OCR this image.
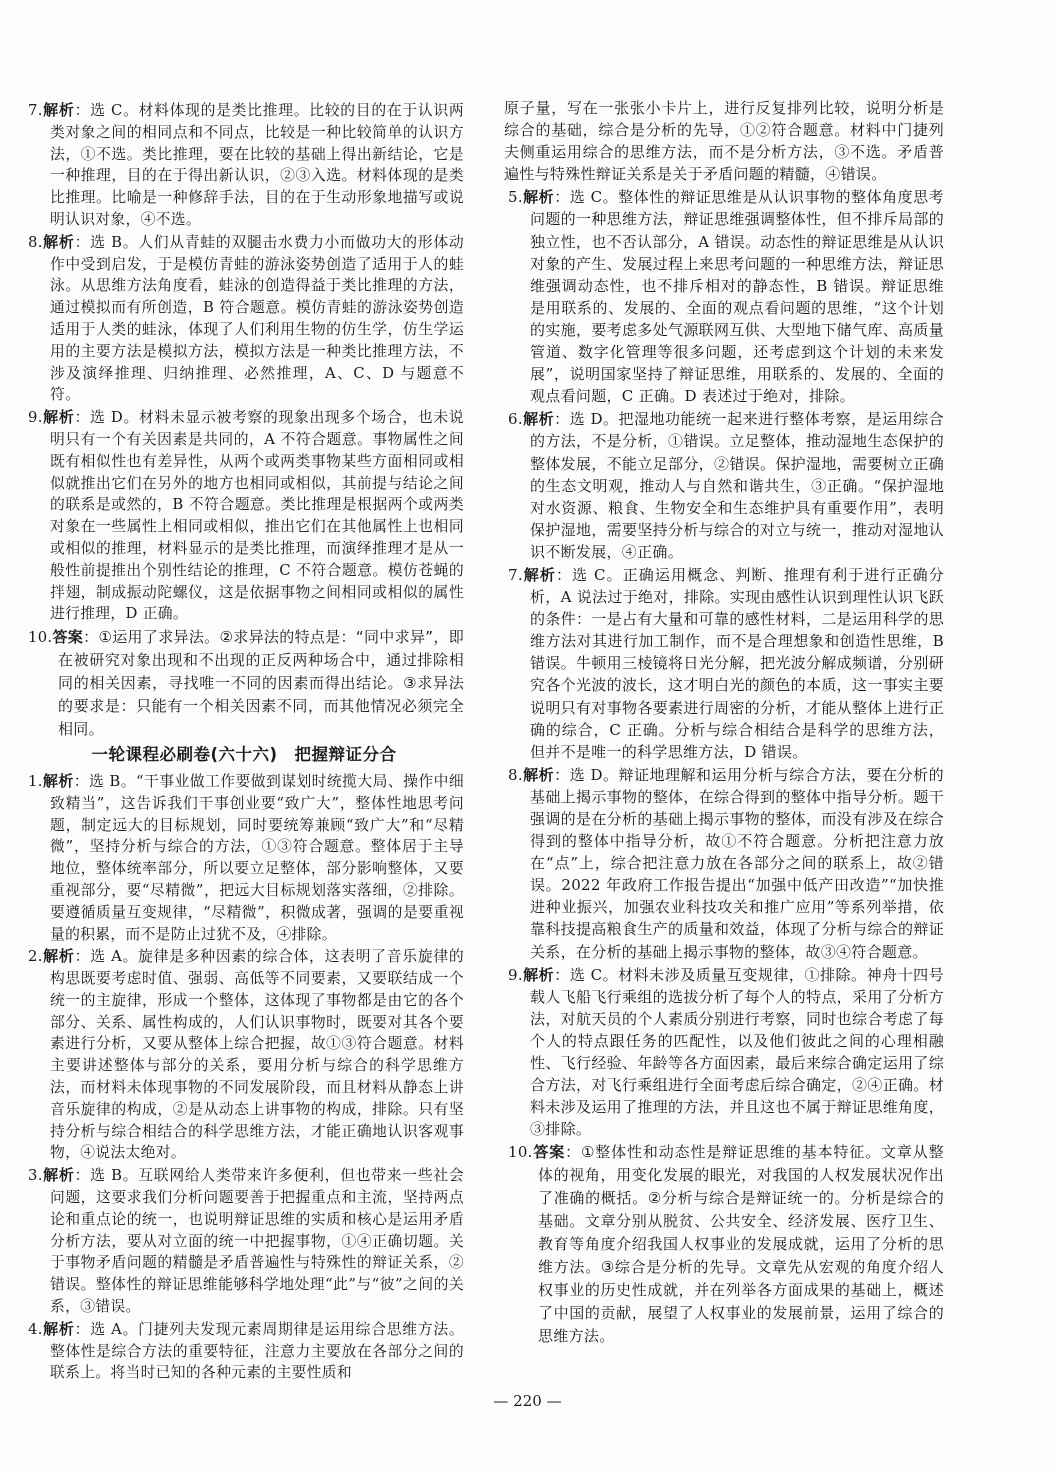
7.解析：选 C。材料体现的是类比推理。比较的目的在于认识两类对象之间的相同点和不同点，比较是一种比较简单的认识方法，①不选。类比推理，要在比较的基础上得出新结论，它是一种推理，目的在于得出新认识，②③入选。材料体现的是类比推理。比喻是一种修辞手法，目的在于生动形象地描写或说明认识对象，④不选。
8.解析：选 B。人们从青蛙的双腿击水费力小而做功大的形体动作中受到启发，于是模仿青蛙的游泳姿势创造了适用于人的蛙泳。从思维方法角度看，蛙泳的创造得益于类比推理的方法，通过模拟而有所创造，B 符合题意。模仿青蛙的游泳姿势创造适用于人类的蛙泳，体现了人们利用生物的仿生学，仿生学运用的主要方法是模拟方法，模拟方法是一种类比推理方法，不涉及演绎推理、归纳推理、必然推理，A、C、D 与题意不符。
9.解析：选 D。材料未显示被考察的现象出现多个场合，也未说明只有一个有关因素是共同的，A 不符合题意。事物属性之间既有相似性也有差异性，从两个或两类事物某些方面相同或相似就推出它们在另外的地方也相同或相似，其前提与结论之间的联系是或然的，B 不符合题意。类比推理是根据两个或两类对象在一些属性上相同或相似，推出它们在其他属性上也相同或相似的推理，材料显示的是类比推理，而演绎推理才是从一般性前提推出个别性结论的推理，C 不符合题意。模仿苍蝇的拌翅，制成振动陀螺仪，这是依据事物之间相同或相似的属性进行推理，D 正确。
10.答案：①运用了求异法。②求异法的特点是：“同中求异”，即在被研究对象出现和不出现的正反两种场合中，通过排除相同的相关因素，寻找唯一不同的因素而得出结论。③求异法的要求是：只能有一个相关因素不同，而其他情况必须完全相同。
一轮课程必刷卷(六十六)　把握辩证分合
1.解析：选 B。“干事业做工作要做到谋划时统揽大局、操作中细致精当”，这告诉我们干事创业要“致广大”，整体性地思考问题，制定远大的目标规划，同时要统筹兼顾“致广大”和“尽精微”，坚持分析与综合的方法，①③符合题意。整体居于主导地位，整体统率部分，所以要立足整体，部分影响整体，又要重视部分，要“尽精微”，把远大目标规划落实落细，②排除。要遵循质量互变规律，“尽精微”，积微成著，强调的是要重视量的积累，而不是防止过犹不及，④排除。
2.解析：选 A。旋律是多种因素的综合体，这表明了音乐旋律的构思既要考虑时值、强弱、高低等不同要素，又要联结成一个统一的主旋律，形成一个整体，这体现了事物都是由它的各个部分、关系、属性构成的，人们认识事物时，既要对其各个要素进行分析，又要从整体上综合把握，故①③符合题意。材料主要讲述整体与部分的关系，要用分析与综合的科学思维方法，而材料未体现事物的不同发展阶段，而且材料从静态上讲音乐旋律的构成，②是从动态上讲事物的构成，排除。只有坚持分析与综合相结合的科学思维方法，才能正确地认识客观事物，④说法太绝对。
3.解析：选 B。互联网给人类带来许多便利，但也带来一些社会问题，这要求我们分析问题要善于把握重点和主流，坚持两点论和重点论的统一，也说明辩证思维的实质和核心是运用矛盾分析方法，要从对立面的统一中把握事物，①④正确切题。关于事物矛盾问题的精髓是矛盾普遍性与特殊性的辩证关系，②错误。整体性的辩证思维能够科学地处理“此”与“彼”之间的关系，③错误。
4.解析：选 A。门捷列夫发现元素周期律是运用综合思维方法。整体性是综合方法的重要特征，注意力主要放在各部分之间的联系上。将当时已知的各种元素的主要性质和
原子量，写在一张张小卡片上，进行反复排列比较，说明分析是综合的基础，综合是分析的先导，①②符合题意。材料中门捷列夫侧重运用综合的思维方法，而不是分析方法，③不选。矛盾普遍性与特殊性辩证关系是关于矛盾问题的精髓，④错误。
5.解析：选 C。整体性的辩证思维是从认识事物的整体角度思考问题的一种思维方法，辩证思维强调整体性，但不排斥局部的独立性，也不否认部分，A 错误。动态性的辩证思维是从认识对象的产生、发展过程上来思考问题的一种思维方法，辩证思维强调动态性，也不排斥相对的静态性，B 错误。辩证思维是用联系的、发展的、全面的观点看问题的思维，“这个计划的实施，要考虑多处气源联网互供、大型地下储气库、高质量管道、数字化管理等很多问题，还考虑到这个计划的未来发展”，说明国家坚持了辩证思维，用联系的、发展的、全面的观点看问题，C 正确。D 表述过于绝对，排除。
6.解析：选 D。把湿地功能统一起来进行整体考察，是运用综合的方法，不是分析，①错误。立足整体，推动湿地生态保护的整体发展，不能立足部分，②错误。保护湿地，需要树立正确的生态文明观，推动人与自然和谐共生，③正确。“保护湿地对水资源、粮食、生物安全和生态维护具有重要作用”，表明保护湿地，需要坚持分析与综合的对立与统一，推动对湿地认识不断发展，④正确。
7.解析：选 C。正确运用概念、判断、推理有利于进行正确分析，A 说法过于绝对，排除。实现由感性认识到理性认识飞跃的条件：一是占有大量和可靠的感性材料，二是运用科学的思维方法对其进行加工制作，而不是合理想象和创造性思维，B 错误。牛顿用三棱镜将日光分解，把光波分解成频谱，分别研究各个光波的波长，这才明白光的颜色的本质，这一事实主要说明只有对事物各要素进行周密的分析，才能从整体上进行正确的综合，C 正确。分析与综合相结合是科学的思维方法，但并不是唯一的科学思维方法，D 错误。
8.解析：选 D。辩证地理解和运用分析与综合方法，要在分析的基础上揭示事物的整体，在综合得到的整体中指导分析。题干强调的是在分析的基础上揭示事物的整体，而没有涉及在综合得到的整体中指导分析，故①不符合题意。分析把注意力放在“点”上，综合把注意力放在各部分之间的联系上，故②错误。2022 年政府工作报告提出“加强中低产田改造”“加快推进种业振兴，加强农业科技攻关和推广应用”等系列举措，依靠科技提高粮食生产的质量和效益，体现了分析与综合的辩证关系，在分析的基础上揭示事物的整体，故③④符合题意。
9.解析：选 C。材料未涉及质量互变规律，①排除。神舟十四号载人飞船飞行乘组的选拔分析了每个人的特点，采用了分析方法，对航天员的个人素质分别进行考察，同时也综合考虑了每个人的特点跟任务的匹配性，以及他们彼此之间的心理相融性、飞行经验、年龄等各方面因素，最后来综合确定运用了综合方法，对飞行乘组进行全面考虑后综合确定，②④正确。材料未涉及运用了推理的方法，并且这也不属于辩证思维角度，③排除。
10.答案：①整体性和动态性是辩证思维的基本特征。文章从整体的视角，用变化发展的眼光，对我国的人权发展状况作出了准确的概括。②分析与综合是辩证统一的。分析是综合的基础。文章分别从脱贫、公共安全、经济发展、医疗卫生、教育等角度介绍我国人权事业的发展成就，运用了分析的思维方法。③综合是分析的先导。文章先从宏观的角度介绍人权事业的历史性成就，并在列举各方面成果的基础上，概述了中国的贡献，展望了人权事业的发展前景，运用了综合的思维方法。
— 220 —
